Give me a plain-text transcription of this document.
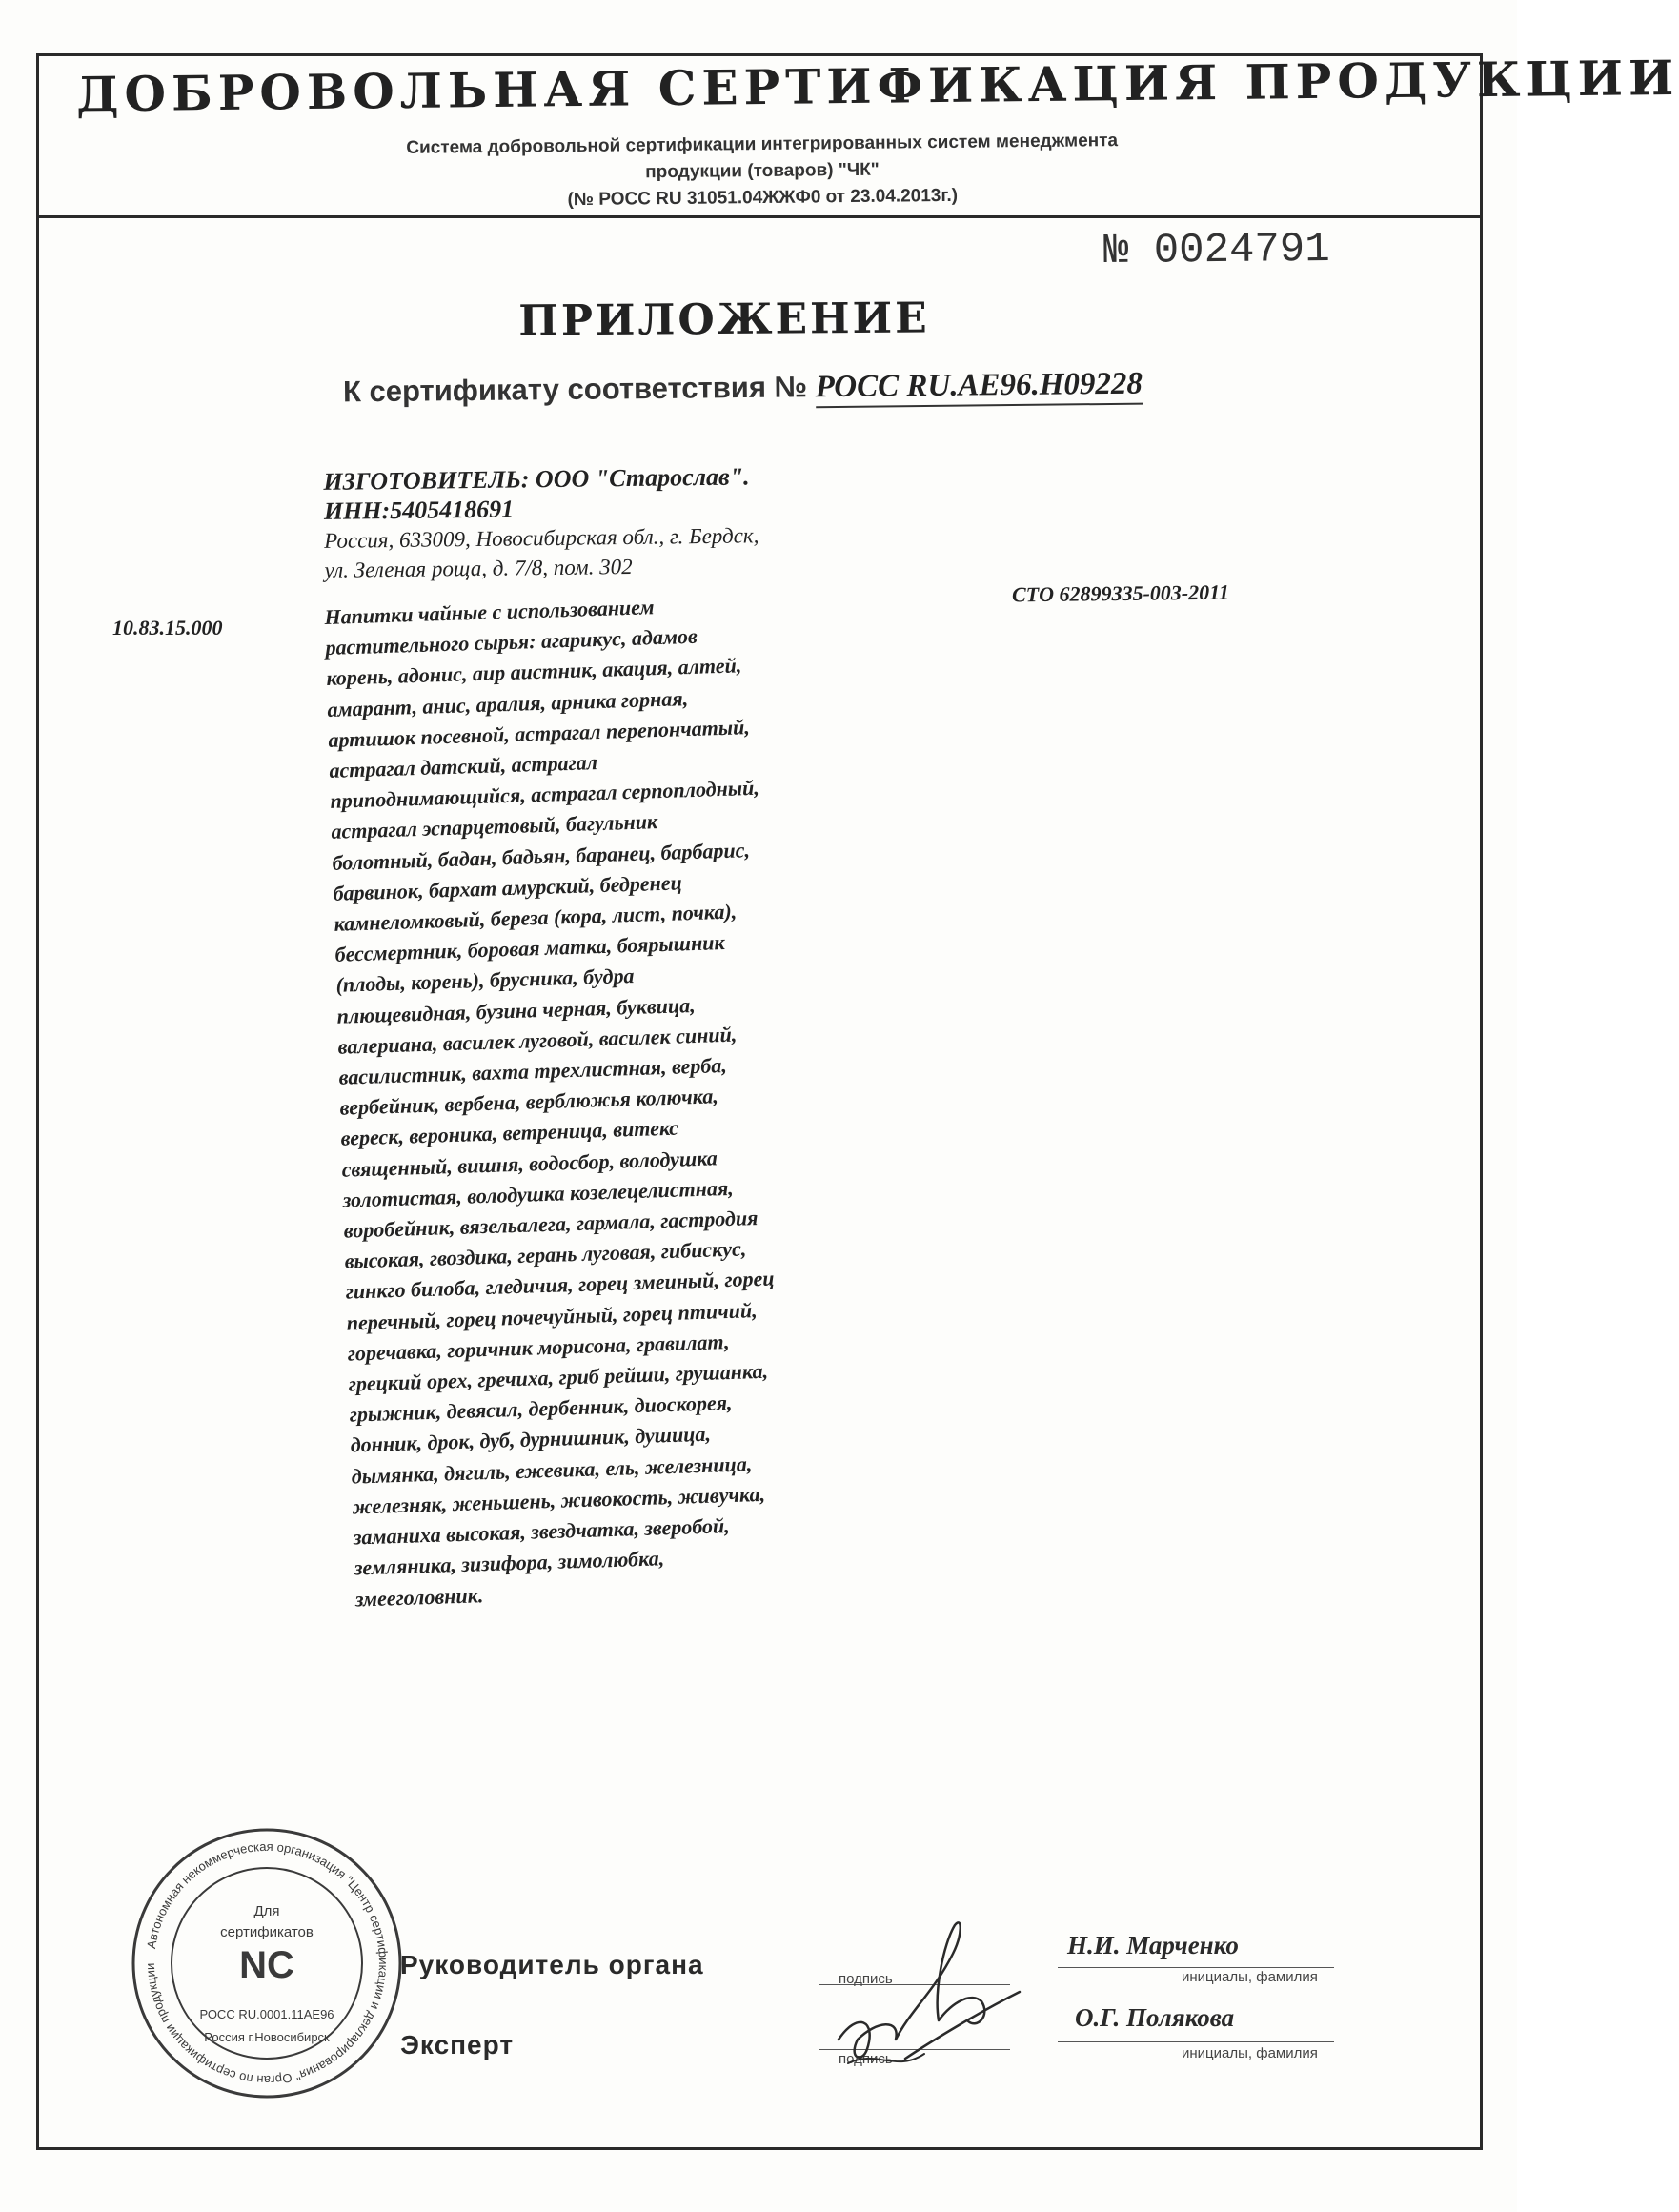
ДОБРОВОЛЬНАЯ СЕРТИФИКАЦИЯ ПРОДУКЦИИ
Система добровольной сертификации интегрированных систем менеджмента
продукции (товаров) "ЧК"
(№ РОСС RU 31051.04ЖЖФ0 от 23.04.2013г.)
№ 0024791
ПРИЛОЖЕНИЕ
К сертификату соответствия № РОСС RU.AE96.H09228
ИЗГОТОВИТЕЛЬ: ООО "Старослав".
ИНН:5405418691
Россия, 633009, Новосибирская обл., г. Бердск,
ул. Зеленая роща, д. 7/8, пом. 302
10.83.15.000
СТО 62899335-003-2011
Напитки чайные с использованием
растительного сырья: агарикус, адамов
корень, адонис, аир аистник, акация, алтей,
амарант, анис, аралия, арника горная,
артишок посевной, астрагал перепончатый,
астрагал датский, астрагал
приподнимающийся, астрагал серпоплодный,
астрагал эспарцетовый, багульник
болотный, бадан, бадьян, баранец, барбарис,
барвинок, бархат амурский, бедренец
камнеломковый, береза (кора, лист, почка),
бессмертник, боровая матка, боярышник
(плоды, корень), брусника, будра
плющевидная, бузина черная, буквица,
валериана, василек луговой, василек синий,
василистник, вахта трехлистная, верба,
вербейник, вербена, верблюжья колючка,
вереск, вероника, ветреница, витекс
священный, вишня, водосбор, володушка
золотистая, володушка козелецелистная,
воробейник, вязельалега, гармала, гастродия
высокая, гвоздика, герань луговая, гибискус,
гинкго билоба, гледичия, горец змеиный, горец
перечный, горец почечуйный, горец птичий,
горечавка, горичник морисона, гравилат,
грецкий орех, гречиха, гриб рейши, грушанка,
грыжник, девясил, дербенник, диоскорея,
донник, дрок, дуб, дурнишник, душица,
дымянка, дягиль, ежевика, ель, железница,
железняк, женьшень, живокость, живучка,
заманиха высокая, звездчатка, зверобой,
земляника, зизифора, зимолюбка,
змееголовник.
Автономная некоммерческая организация "Центр сертификации и декларирования" Орган по сертификации продукции
Для
сертификатов
NC
РОСС RU.0001.11АЕ96
Россия г.Новосибирск
Руководитель органа	подпись
Н.И. Марченко
инициалы, фамилия
Эксперт	подпись
О.Г. Полякова
инициалы, фамилия
